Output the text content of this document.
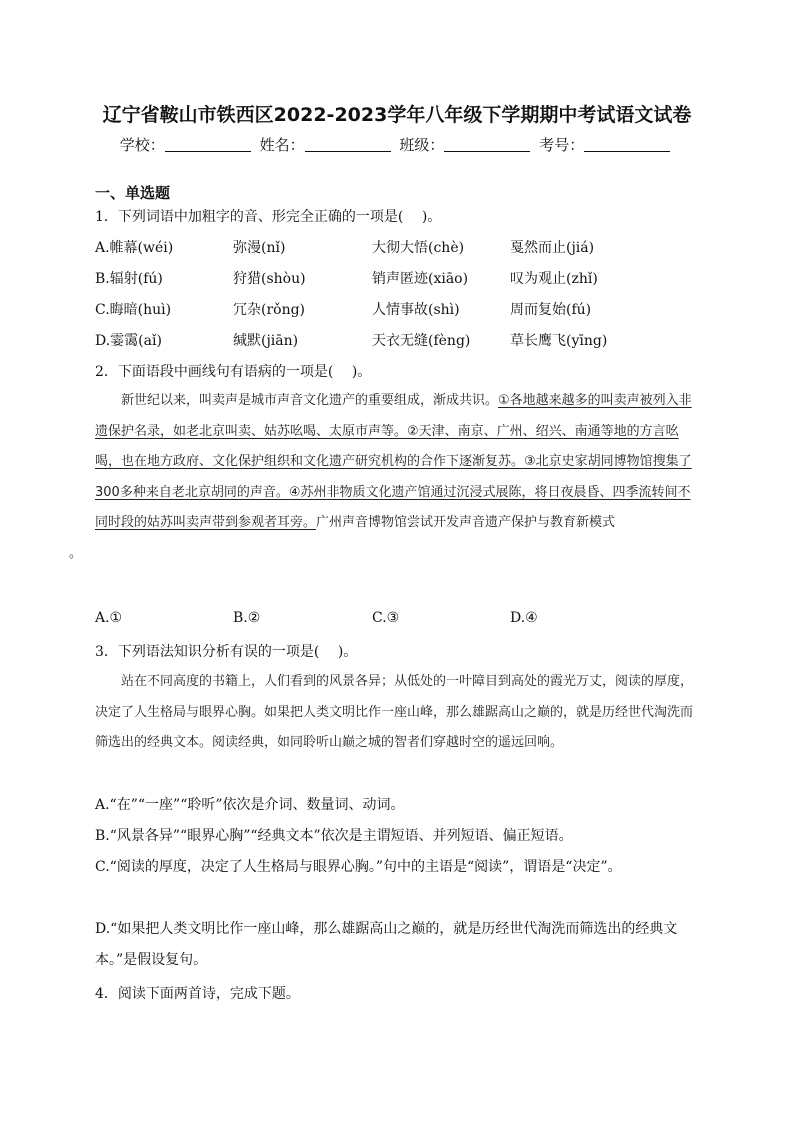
辽宁省鞍山市铁西区2022-2023学年八年级下学期期中考试语文试卷
学校：	姓名：	班级：	考号：
一、单选题
1．下列词语中加粗字的音、形完全正确的一项是(　 )。
A.帷幕(wéi)	弥漫(nǐ)	大彻大悟(chè)	戛然而止(jiá)
B.辐射(fú)	狩猎(shòu)	销声匿迹(xiāo)	叹为观止(zhǐ)
C.晦暗(huì)	冗杂(rǒng)	人情事故(shì)	周而复始(fú)
D.霎霭(aǐ)	缄默(jiān)	天衣无缝(fèng)	草长鹰飞(yīng)
2．下面语段中画线句有语病的一项是(　 )。
新世纪以来，叫卖声是城市声音文化遗产的重要组成，渐成共识。①各地越来越多的叫卖声被列入非遗保护名录，如老北京叫卖、姑苏吆喝、太原市声等。②天津、南京、广州、绍兴、南通等地的方言吆喝，也在地方政府、文化保护组织和文化遗产研究机构的合作下逐渐复苏。③北京史家胡同博物馆搜集了300多种来自老北京胡同的声音。④苏州非物质文化遗产馆通过沉浸式展陈，将日夜晨昏、四季流转间不同时段的姑苏叫卖声带到参观者耳旁。广州声音博物馆尝试开发声音遗产保护与教育新模式
。
A.①	B.②	C.③	D.④
3．下列语法知识分析有误的一项是(　 )。
站在不同高度的书籍上，人们看到的风景各异；从低处的一叶障目到高处的霞光万丈，阅读的厚度，决定了人生格局与眼界心胸。如果把人类文明比作一座山峰，那么雄踞高山之巅的，就是历经世代淘洗而筛选出的经典文本。阅读经典，如同聆听山巅之城的智者们穿越时空的遥远回响。
A.“在”“一座”“聆听”依次是介词、数量词、动词。
B.“风景各异”“眼界心胸”“经典文本”依次是主谓短语、并列短语、偏正短语。
C.“阅读的厚度，决定了人生格局与眼界心胸。”句中的主语是“阅读”，谓语是“决定”。
D.“如果把人类文明比作一座山峰，那么雄踞高山之巅的，就是历经世代淘洗而筛选出的经典文本。”是假设复句。
4．阅读下面两首诗，完成下题。
